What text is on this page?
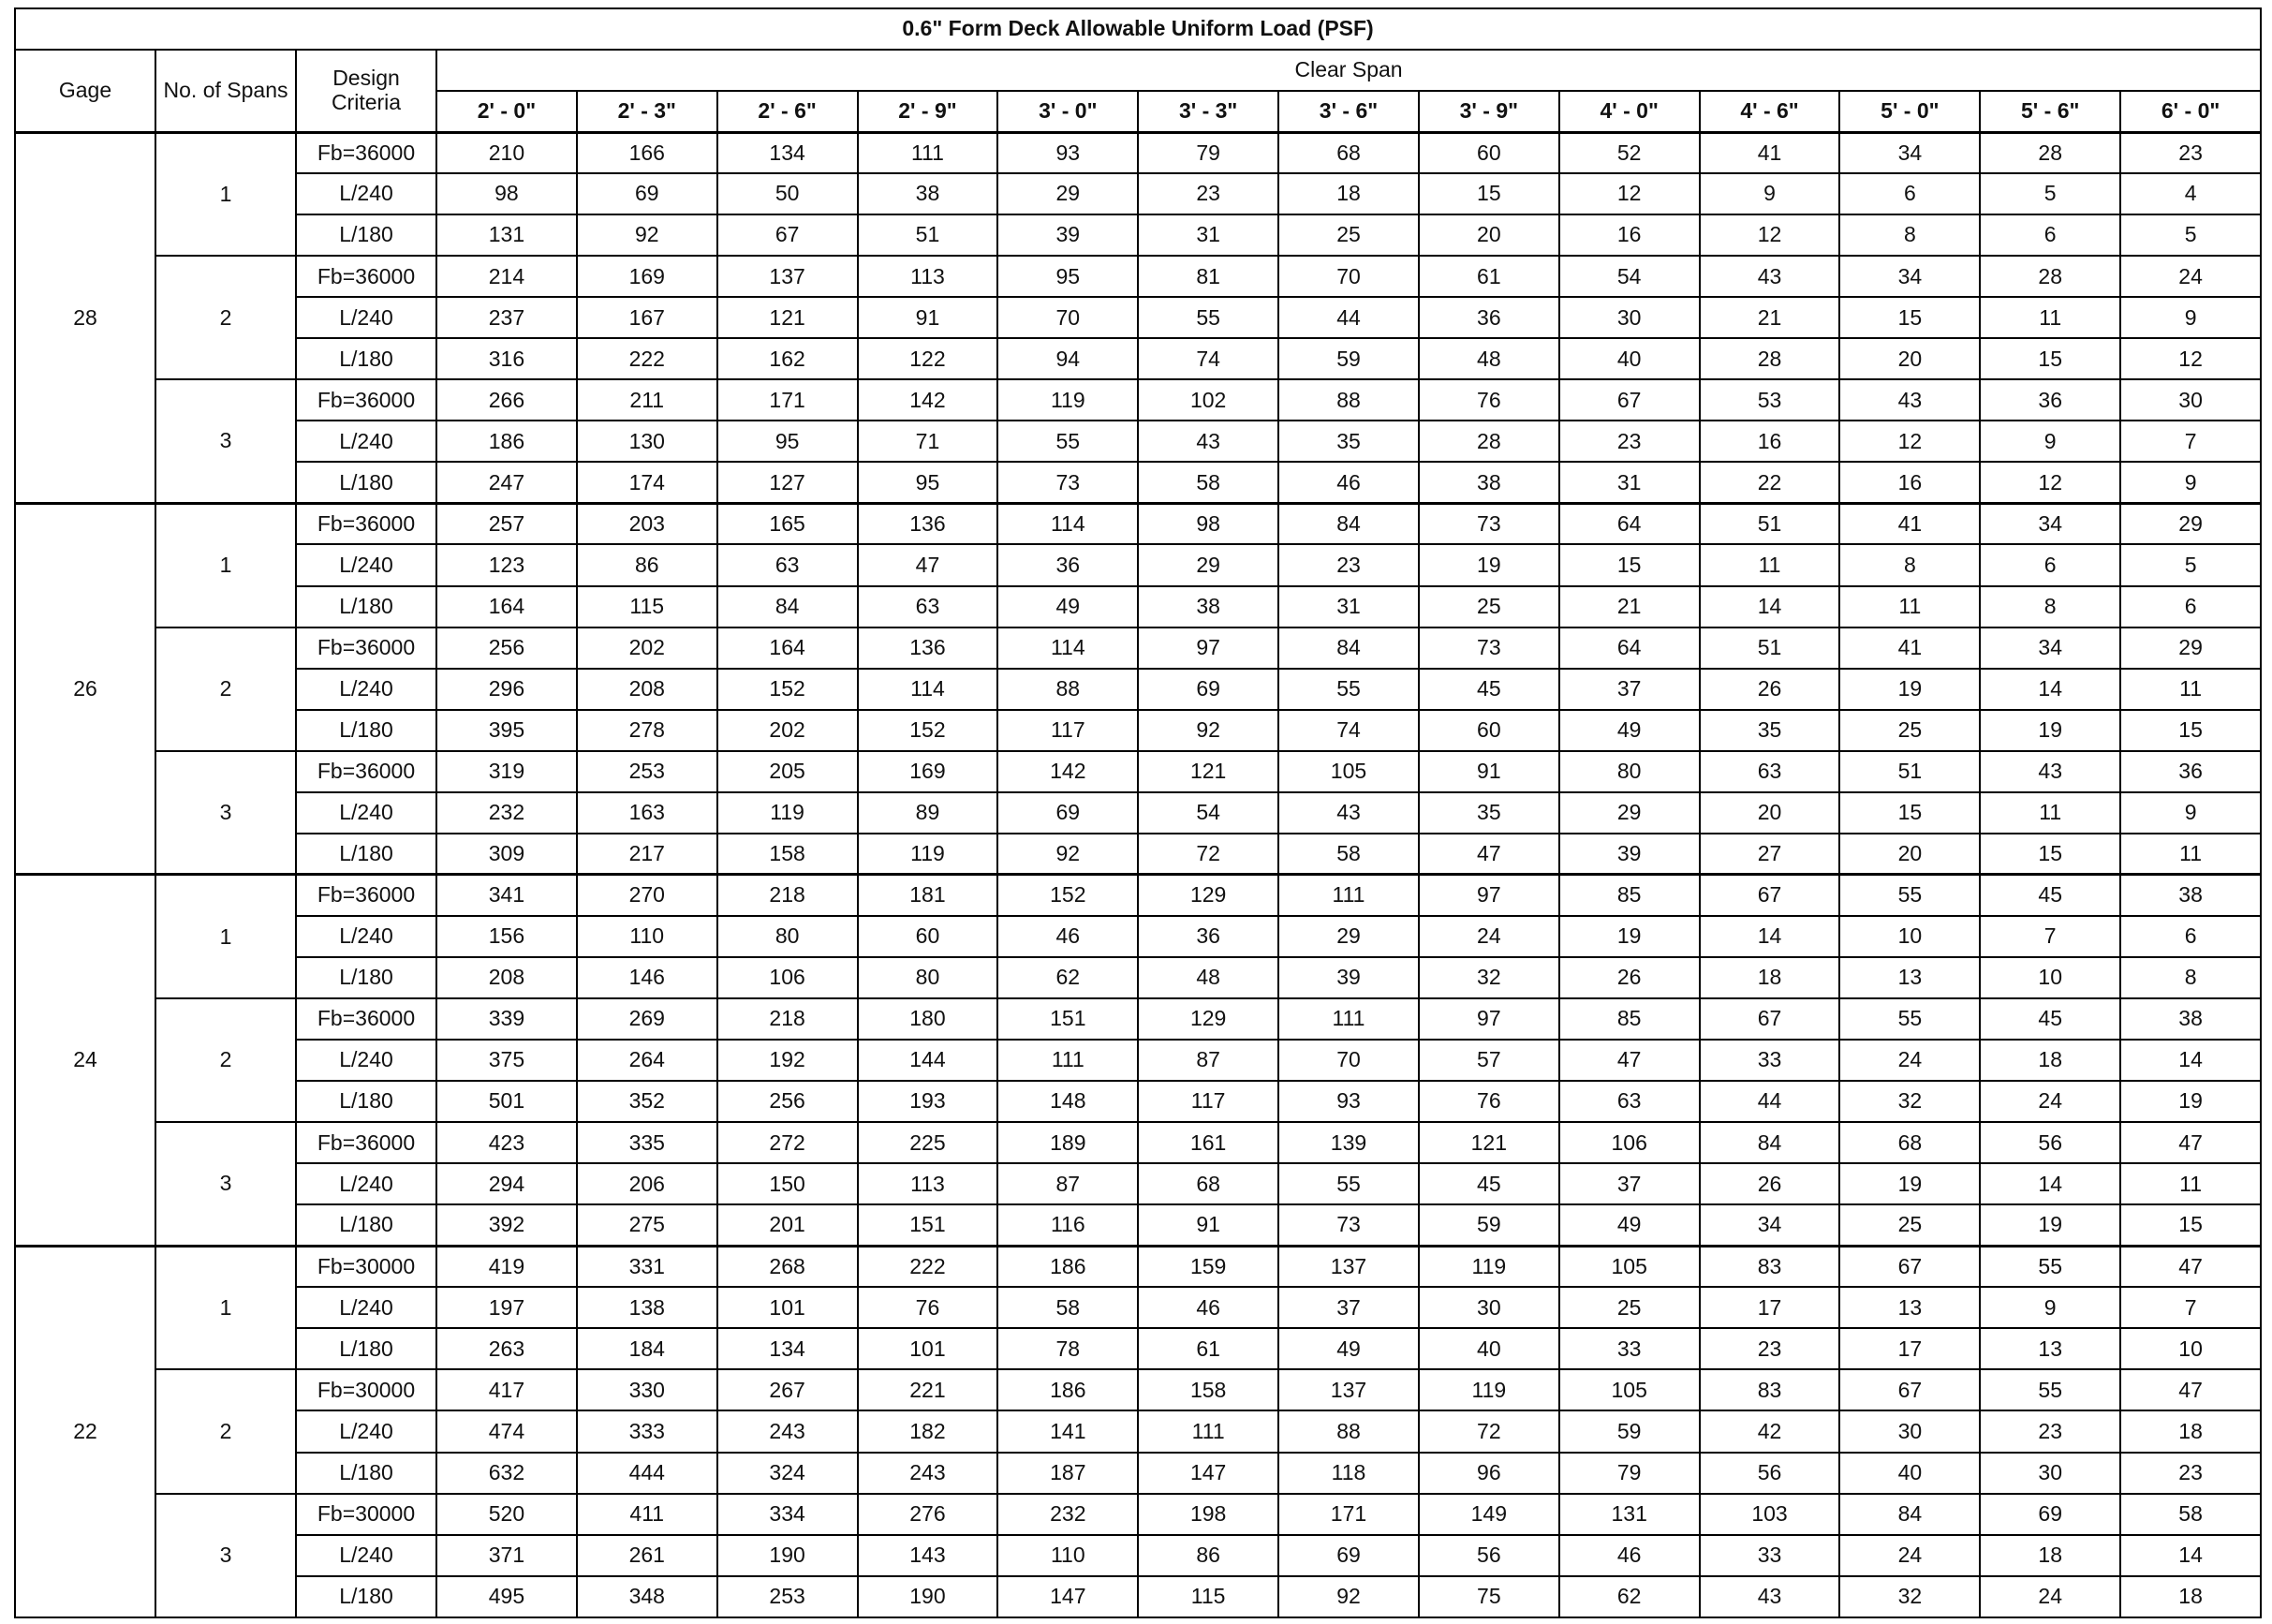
0.6" Form Deck Allowable Uniform Load (PSF)															
Gage	No. of Spans	Design Criteria	Clear Span												
			2' - 0"	2' - 3"	2' - 6"	2' - 9"	3' - 0"	3' - 3"	3' - 6"	3' - 9"	4' - 0"	4' - 6"	5' - 0"	5' - 6"	6' - 0"
28	1	Fb=36000	210	166	134	111	93	79	68	60	52	41	34	28	23
		L/240	98	69	50	38	29	23	18	15	12	9	6	5	4
		L/180	131	92	67	51	39	31	25	20	16	12	8	6	5
	2	Fb=36000	214	169	137	113	95	81	70	61	54	43	34	28	24
		L/240	237	167	121	91	70	55	44	36	30	21	15	11	9
		L/180	316	222	162	122	94	74	59	48	40	28	20	15	12
	3	Fb=36000	266	211	171	142	119	102	88	76	67	53	43	36	30
		L/240	186	130	95	71	55	43	35	28	23	16	12	9	7
		L/180	247	174	127	95	73	58	46	38	31	22	16	12	9
26	1	Fb=36000	257	203	165	136	114	98	84	73	64	51	41	34	29
		L/240	123	86	63	47	36	29	23	19	15	11	8	6	5
		L/180	164	115	84	63	49	38	31	25	21	14	11	8	6
	2	Fb=36000	256	202	164	136	114	97	84	73	64	51	41	34	29
		L/240	296	208	152	114	88	69	55	45	37	26	19	14	11
		L/180	395	278	202	152	117	92	74	60	49	35	25	19	15
	3	Fb=36000	319	253	205	169	142	121	105	91	80	63	51	43	36
		L/240	232	163	119	89	69	54	43	35	29	20	15	11	9
		L/180	309	217	158	119	92	72	58	47	39	27	20	15	11
24	1	Fb=36000	341	270	218	181	152	129	111	97	85	67	55	45	38
		L/240	156	110	80	60	46	36	29	24	19	14	10	7	6
		L/180	208	146	106	80	62	48	39	32	26	18	13	10	8
	2	Fb=36000	339	269	218	180	151	129	111	97	85	67	55	45	38
		L/240	375	264	192	144	111	87	70	57	47	33	24	18	14
		L/180	501	352	256	193	148	117	93	76	63	44	32	24	19
	3	Fb=36000	423	335	272	225	189	161	139	121	106	84	68	56	47
		L/240	294	206	150	113	87	68	55	45	37	26	19	14	11
		L/180	392	275	201	151	116	91	73	59	49	34	25	19	15
22	1	Fb=30000	419	331	268	222	186	159	137	119	105	83	67	55	47
		L/240	197	138	101	76	58	46	37	30	25	17	13	9	7
		L/180	263	184	134	101	78	61	49	40	33	23	17	13	10
	2	Fb=30000	417	330	267	221	186	158	137	119	105	83	67	55	47
		L/240	474	333	243	182	141	111	88	72	59	42	30	23	18
		L/180	632	444	324	243	187	147	118	96	79	56	40	30	23
	3	Fb=30000	520	411	334	276	232	198	171	149	131	103	84	69	58
		L/240	371	261	190	143	110	86	69	56	46	33	24	18	14
		L/180	495	348	253	190	147	115	92	75	62	43	32	24	18
